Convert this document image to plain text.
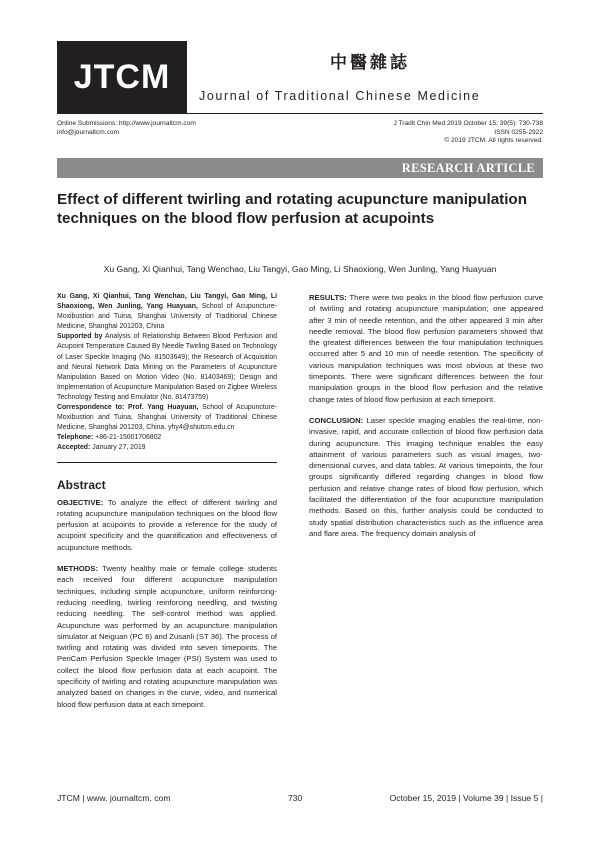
JTCM	中醫雜誌
Journal of Traditional Chinese Medicine
Online Submissions: http://www.journaltcm.com
info@journaltcm.com
J Tradit Chin Med 2019 October 15; 39(5): 730-738
ISSN 0255-2922
© 2019 JTCM. All rights reserved.
RESEARCH ARTICLE
Effect of different twirling and rotating acupuncture manipulation techniques on the blood flow perfusion at acupoints
Xu Gang, Xi Qianhui, Tang Wenchao, Liu Tangyi, Gao Ming, Li Shaoxiong, Wen Junling, Yang Huayuan

Xu Gang, Xi Qianhui, Tang Wenchao, Liu Tangyi, Gao Ming, Li Shaoxiong, Wen Junling, Yang Huayuan, School of Acupuncture-Moxibustion and Tuina, Shanghai University of Traditional Chinese Medicine, Shanghai 201203, China

Supported by Analysis of Relationship Between Blood Perfusion and Acupoint Temperature Caused By Needle Twirling Based on Technology of Laser Speckle Imaging (No. 81503649); the Research of Acquisition and Neural Network Data Mining on the Parameters of Acupuncture Manipulation Based on Motion Video (No. 81403469); Design and Implementation of Acupuncture Manipulation Based on Zigbee Wireless Technology Testing and Emulator (No. 81473759)

Correspondence to: Prof. Yang Huayuan, School of Acupuncture-Moxibustion and Tuina, Shanghai University of Traditional Chinese Medicine, Shanghai 201203, China. yhy4@shutcm.edu.cn

Telephone: +86-21-15001706802

Accepted: January 27, 2019

Abstract

OBJECTIVE: To analyze the effect of different twirling and rotating acupuncture manipulation techniques on the blood flow perfusion at acupoints to provide a reference for the study of acupoint specificity and the quantification and effectiveness of acupuncture methods.

METHODS: Twenty healthy male or female college students each received four different acupuncture manipulation techniques, including simple acupuncture, uniform reinforcing-reducing needling, twirling reinforcing needling, and twisting reducing needling. The self-control method was applied. Acupuncture was performed by an acupuncture manipulation simulator at Neiguan (PC 6) and Zusanli (ST 36). The process of twirling and rotating was divided into seven timepoints. The PeriCam Perfusion Speckle Imager (PSI) System was used to collect the blood flow perfusion data at each acupoint. The specificity of twirling and rotating acupuncture manipulation was analyzed based on changes in the curve, video, and numerical blood flow perfusion data at each timepoint.

RESULTS: There were two peaks in the blood flow perfusion curve of twirling and rotating acupuncture manipulation; one appeared after 3 min of needle retention, and the other appeared 3 min after needle removal. The blood flow perfusion parameters showed that the greatest differences between the four manipulation techniques occurred after 5 and 10 min of needle retention. The specificity of various manipulation techniques was most obvious at these two timepoints. There were significant differences between the four manipulation groups in the blood flow perfusion and the relative change rates of blood flow perfusion at each timepoint.

CONCLUSION: Laser speckle imaging enables the real-time, non-invasive, rapid, and accurate collection of blood flow perfusion data during acupuncture. This imaging technique enables the easy attainment of various parameters such as visual images, two-dimensional curves, and data tables. At various timepoints, the four groups significantly differed regarding changes in blood flow perfusion and relative change rates of blood flow perfusion, which facilitated the differentiation of the four acupuncture manipulation methods. Based on this, further analysis could be conducted to study spatial distribution characteristics such as the influence area and flare area. The frequency domain analysis of

JTCM | www. journaltcm. com	730	October 15, 2019 | Volume 39 | Issue 5 |
